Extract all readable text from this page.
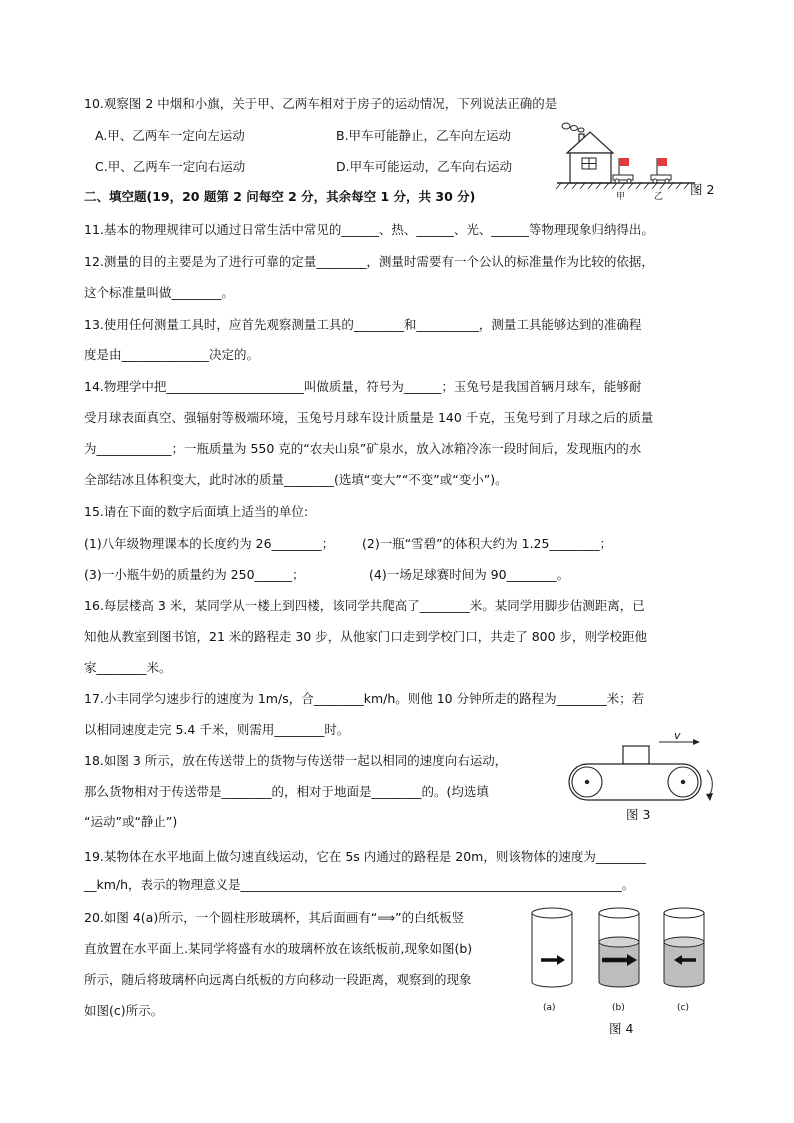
10.观察图 2 中烟和小旗，关于甲、乙两车相对于房子的运动情况，下列说法正确的是
A.甲、乙两车一定向左运动	B.甲车可能静止，乙车向左运动
C.甲、乙两车一定向右运动	D.甲车可能运动，乙车向右运动
甲	乙 图 2
二、填空题(19，20 题第 2 问每空 2 分，其余每空 1 分，共 30 分)
11.基本的物理规律可以通过日常生活中常见的______、热、______、光、______等物理现象归纳得出。
12.测量的目的主要是为了进行可靠的定量________，测量时需要有一个公认的标准量作为比较的依据，
这个标准量叫做________。
13.使用任何测量工具时，应首先观察测量工具的________和__________，测量工具能够达到的准确程
度是由______________决定的。
14.物理学中把______________________叫做质量，符号为______；玉兔号是我国首辆月球车，能够耐
受月球表面真空、强辐射等极端环境，玉兔号月球车设计质量是 140 千克，玉兔号到了月球之后的质量
为____________；一瓶质量为 550 克的“农夫山泉”矿泉水，放入冰箱冷冻一段时间后，发现瓶内的水
全部结冰且体积变大，此时冰的质量________(选填“变大”“不变”或“变小”)。
15.请在下面的数字后面填上适当的单位:
(1)八年级物理课本的长度约为 26________； (2)一瓶“雪碧”的体积大约为 1.25________；
(3)一小瓶牛奶的质量约为 250______；	(4)一场足球赛时间为 90________。
16.每层楼高 3 米，某同学从一楼上到四楼，该同学共爬高了________米。某同学用脚步估测距离，已
知他从教室到图书馆，21 米的路程走 30 步，从他家门口走到学校门口，共走了 800 步，则学校距他
家________米。
17.小丰同学匀速步行的速度为 1m/s，合________km/h。则他 10 分钟所走的路程为________米；若
以相同速度走完 5.4 千米，则需用________时。
18.如图 3 所示，放在传送带上的货物与传送带一起以相同的速度向右运动，
那么货物相对于传送带是________的，相对于地面是________的。(均选填
“运动”或“静止”)
v
图 3
19.某物体在水平地面上做匀速直线运动，它在 5s 内通过的路程是 20m，则该物体的速度为________
__km/h，表示的物理意义是_____________________________________________________________。
20.如图 4(a)所示，一个圆柱形玻璃杯，其后面画有“⟹”的白纸板竖
直放置在水平面上.某同学将盛有水的玻璃杯放在该纸板前,现象如图(b)
所示，随后将玻璃杯向远离白纸板的方向移动一段距离，观察到的现象
如图(c)所示。	(a)	(b)	(c)
图 4
